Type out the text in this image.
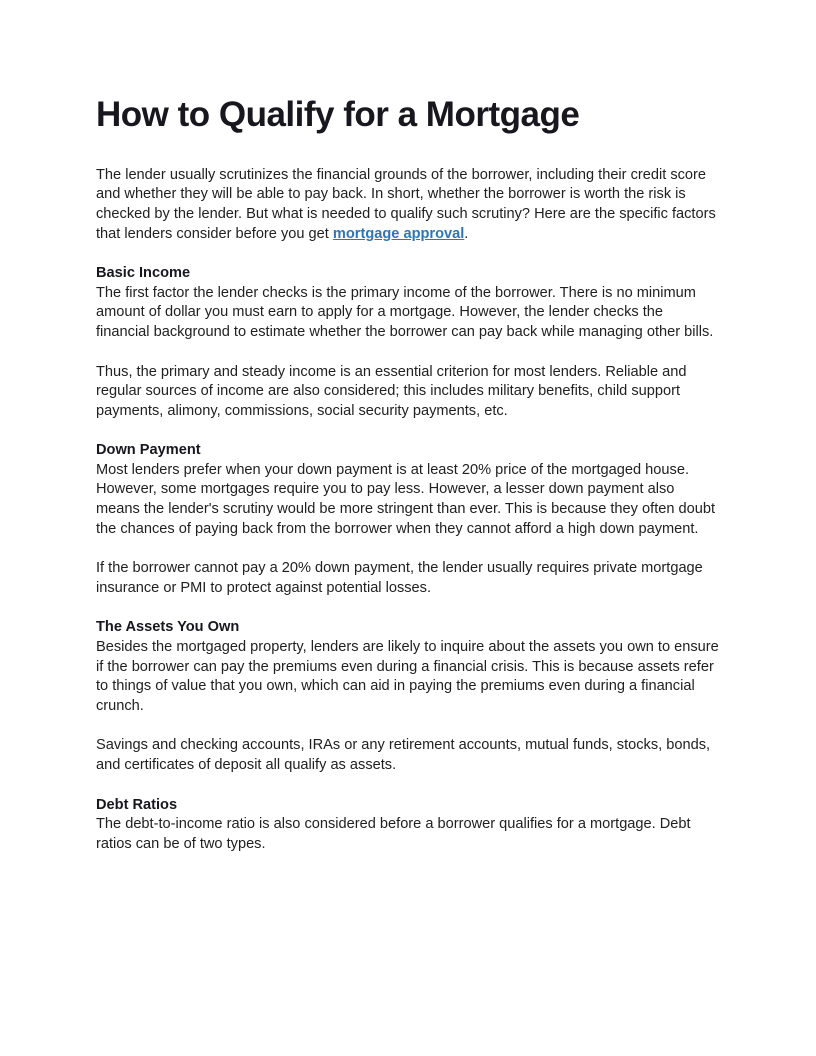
How to Qualify for a Mortgage

The lender usually scrutinizes the financial grounds of the borrower, including their credit score and whether they will be able to pay back. In short, whether the borrower is worth the risk is checked by the lender. But what is needed to qualify such scrutiny? Here are the specific factors that lenders consider before you get mortgage approval.

Basic Income

The first factor the lender checks is the primary income of the borrower. There is no minimum amount of dollar you must earn to apply for a mortgage. However, the lender checks the financial background to estimate whether the borrower can pay back while managing other bills.

Thus, the primary and steady income is an essential criterion for most lenders. Reliable and regular sources of income are also considered; this includes military benefits, child support payments, alimony, commissions, social security payments, etc.

Down Payment

Most lenders prefer when your down payment is at least 20% price of the mortgaged house. However, some mortgages require you to pay less. However, a lesser down payment also means the lender's scrutiny would be more stringent than ever. This is because they often doubt the chances of paying back from the borrower when they cannot afford a high down payment.

If the borrower cannot pay a 20% down payment, the lender usually requires private mortgage insurance or PMI to protect against potential losses.

The Assets You Own

Besides the mortgaged property, lenders are likely to inquire about the assets you own to ensure if the borrower can pay the premiums even during a financial crisis. This is because assets refer to things of value that you own, which can aid in paying the premiums even during a financial crunch.

Savings and checking accounts, IRAs or any retirement accounts, mutual funds, stocks, bonds, and certificates of deposit all qualify as assets.

Debt Ratios

The debt-to-income ratio is also considered before a borrower qualifies for a mortgage. Debt ratios can be of two types.
